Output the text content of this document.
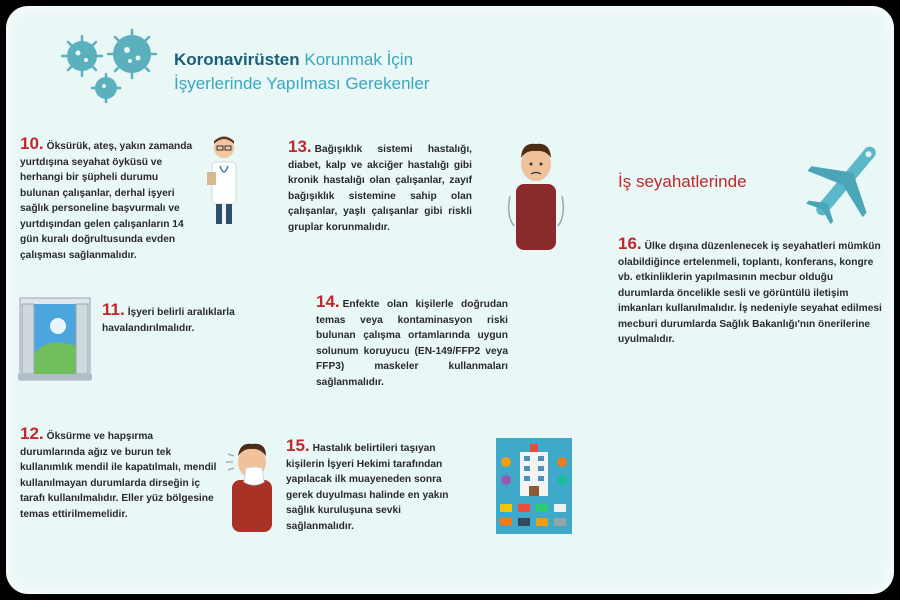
Koronavirüsten Korunmak İçin
İşyerlerinde Yapılması Gerekenler
10. Öksürük, ateş, yakın zamanda yurtdışına seyahat öyküsü ve herhangi bir şüpheli durumu bulunan çalışanlar, derhal işyeri sağlık personeline başvurmalı ve yurtdışından gelen çalışanların 14 gün kuralı doğrultusunda evden çalışması sağlanmalıdır.
13. Bağışıklık sistemi hastalığı, diabet, kalp ve akciğer hastalığı gibi kronik hastalığı olan çalışanlar, zayıf bağışıklık sistemine sahip olan çalışanlar, yaşlı çalışanlar gibi riskli gruplar korunmalıdır.
İş seyahatlerinde
16. Ülke dışına düzenlenecek iş seyahatleri mümkün olabildiğince ertelenmeli, toplantı, konferans, kongre vb. etkinliklerin yapılmasının mecbur olduğu durumlarda öncelikle sesli ve görüntülü iletişim imkanları kullanılmalıdır. İş nedeniyle seyahat edilmesi mecburi durumlarda Sağlık Bakanlığı'nın önerilerine uyulmalıdır.
11. İşyeri belirli aralıklarla havalandırılmalıdır.
14. Enfekte olan kişilerle doğrudan temas veya kontaminasyon riski bulunan çalışma ortamlarında uygun solunum koruyucu (EN-149/FFP2 veya FFP3) maskeler kullanmaları sağlanmalıdır.
12. Öksürme ve hapşırma durumlarında ağız ve burun tek kullanımlık mendil ile kapatılmalı, mendil kullanılmayan durumlarda dirseğin iç tarafı kullanılmalıdır. Eller yüz bölgesine temas ettirilmemelidir.
15. Hastalık belirtileri taşıyan kişilerin İşyeri Hekimi tarafından yapılacak ilk muayeneden sonra gerek duyulması halinde en yakın sağlık kuruluşuna sevki sağlanmalıdır.
